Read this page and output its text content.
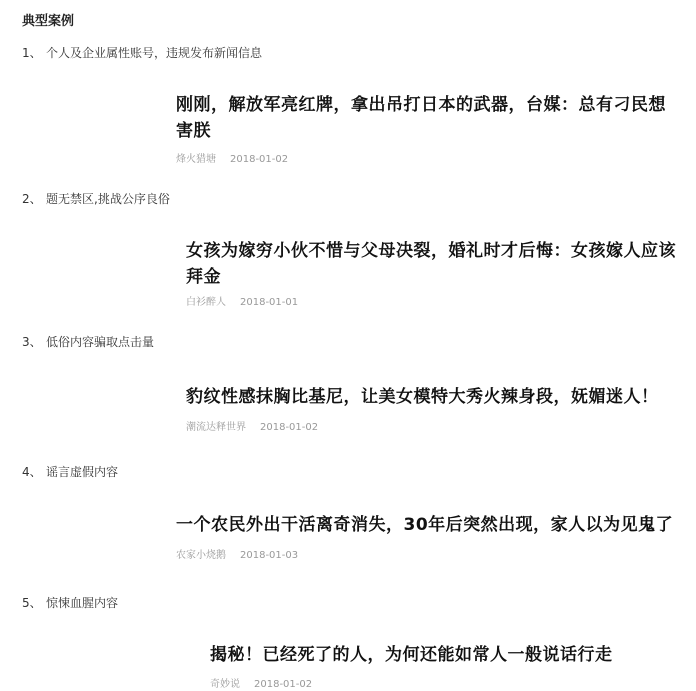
典型案例
1、 个人及企业属性账号，违规发布新闻信息
刚刚，解放军亮红牌，拿出吊打日本的武器，台媒：总有刁民想害朕
烽火猎塘 2018-01-02
2、 题无禁区,挑战公序良俗
女孩为嫁穷小伙不惜与父母决裂，婚礼时才后悔：女孩嫁人应该拜金
白衫醉人 2018-01-01
3、 低俗内容骗取点击量
豹纹性感抹胸比基尼，让美女模特大秀火辣身段，妩媚迷人！
潮流达释世界 2018-01-02
4、 谣言虚假内容
一个农民外出干活离奇消失，30年后突然出现，家人以为见鬼了
农家小烧鹅 2018-01-03
5、 惊悚血腥内容
揭秘！已经死了的人，为何还能如常人一般说话行走
奇妙说 2018-01-02
